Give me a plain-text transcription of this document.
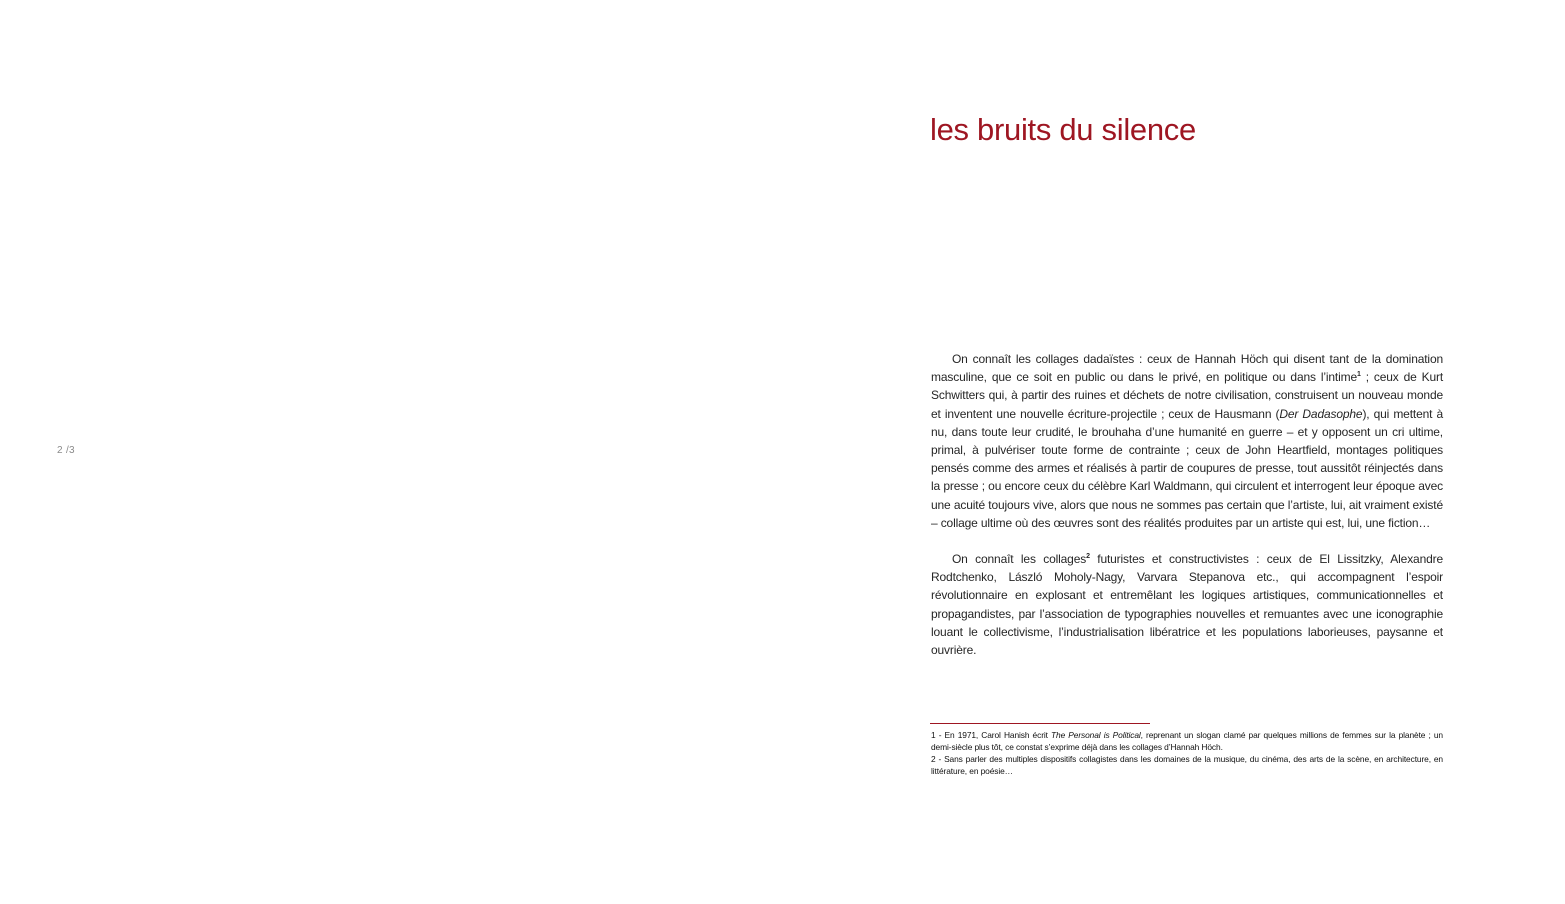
2 /3
les bruits du silence

On connaît les collages dadaïstes : ceux de Hannah Höch qui disent tant de la domination masculine, que ce soit en public ou dans le privé, en politique ou dans l’intime$^1$ ; ceux de Kurt Schwitters qui, à partir des ruines et déchets de notre civilisation, construisent un nouveau monde et inventent une nouvelle écriture-projectile ; ceux de Hausmann (Der Dadasophe), qui mettent à nu, dans toute leur crudité, le brouhaha d’une humanité en guerre – et y opposent un cri ultime, primal, à pulvériser toute forme de contrainte ; ceux de John Heartfield, montages politiques pensés comme des armes et réalisés à partir de coupures de presse, tout aussitôt réinjectés dans la presse ; ou encore ceux du célèbre Karl Waldmann, qui circulent et interrogent leur époque avec une acuité toujours vive, alors que nous ne sommes pas certain que l’artiste, lui, ait vraiment existé – collage ultime où des œuvres sont des réalités produites par un artiste qui est, lui, une fiction…

On connaît les collages$^2$ futuristes et constructivistes : ceux de El Lissitzky, Alexandre Rodtchenko, László Moholy-Nagy, Varvara Stepanova etc., qui accompagnent l’espoir révolutionnaire en explosant et entremêlant les logiques artistiques, communicationnelles et propagandistes, par l’association de typographies nouvelles et remuantes avec une iconographie louant le collectivisme, l’industrialisation libératrice et les populations laborieuses, paysanne et ouvrière.

1 - En 1971, Carol Hanish écrit The Personal is Political, reprenant un slogan clamé par quelques millions de femmes sur la planète ; un demi-siècle plus tôt, ce constat s’exprime déjà dans les collages d’Hannah Höch.

2 - Sans parler des multiples dispositifs collagistes dans les domaines de la musique, du cinéma, des arts de la scène, en architecture, en littérature, en poésie…
